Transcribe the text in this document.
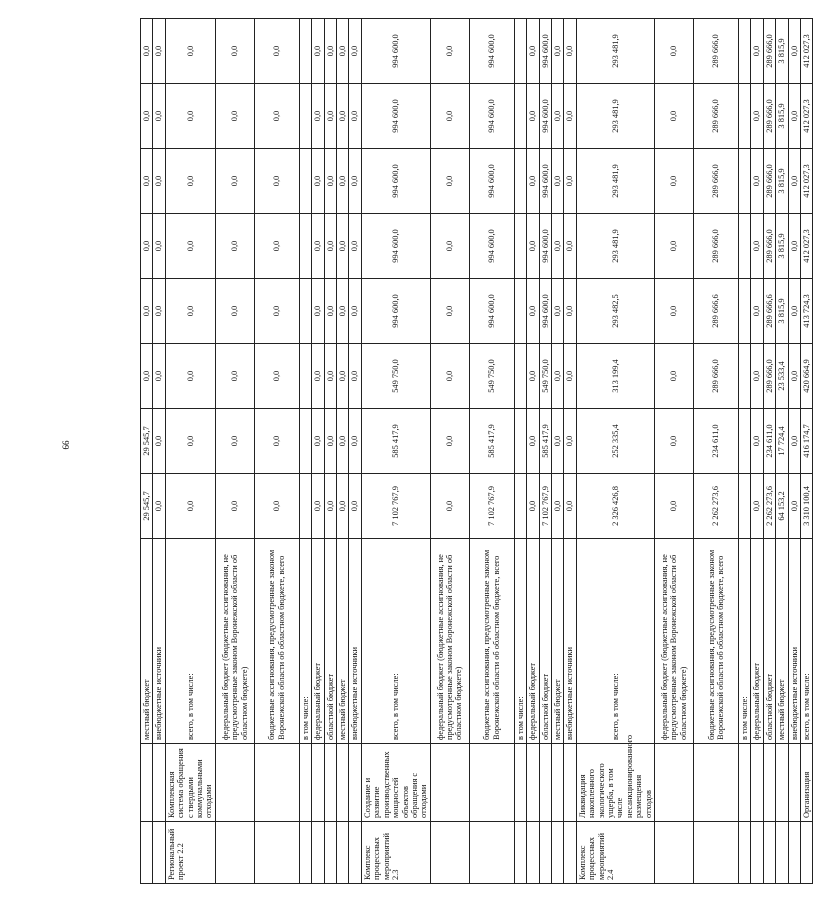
66
		местный бюджет	29 545,7	29 545,7	0,0	0,0	0,0	0,0	0,0	0,0
		внебюджетные источники	0,0	0,0	0,0	0,0	0,0	0,0	0,0	0,0
Региональный проект 2.2	Комплексная система обращения с твердыми коммунальными отходами	всего, в том числе:	0,0	0,0	0,0	0,0	0,0	0,0	0,0	0,0
		федеральный бюджет (бюджетные ассигнования, не предусмотренные законом Воронежской области об областном бюджете)	0,0	0,0	0,0	0,0	0,0	0,0	0,0	0,0
		бюджетные ассигнования, предусмотренные законом Воронежской области об областном бюджете, всего	0,0	0,0	0,0	0,0	0,0	0,0	0,0	0,0
		в том числе:								
		федеральный бюджет	0,0	0,0	0,0	0,0	0,0	0,0	0,0	0,0
		областной бюджет	0,0	0,0	0,0	0,0	0,0	0,0	0,0	0,0
		местный бюджет	0,0	0,0	0,0	0,0	0,0	0,0	0,0	0,0
		внебюджетные источники	0,0	0,0	0,0	0,0	0,0	0,0	0,0	0,0
Комплекс процессных мероприятий 2.3	Создание и развитие производственных мощностей объектов обращения с отходами	всего, в том числе:	7 102 767,9	585 417,9	549 750,0	994 600,0	994 600,0	994 600,0	994 600,0	994 600,0
		федеральный бюджет (бюджетные ассигнования, не предусмотренные законом Воронежской области об областном бюджете)	0,0	0,0	0,0	0,0	0,0	0,0	0,0	0,0
		бюджетные ассигнования, предусмотренные законом Воронежской области об областном бюджете, всего	7 102 767,9	585 417,9	549 750,0	994 600,0	994 600,0	994 600,0	994 600,0	994 600,0
		в том числе:								
		федеральный бюджет	0,0	0,0	0,0	0,0	0,0	0,0	0,0	0,0
		областной бюджет	7 102 767,9	585 417,9	549 750,0	994 600,0	994 600,0	994 600,0	994 600,0	994 600,0
		местный бюджет	0,0	0,0	0,0	0,0	0,0	0,0	0,0	0,0
		внебюджетные источники	0,0	0,0	0,0	0,0	0,0	0,0	0,0	0,0
Комплекс процессных мероприятий 2.4	Ликвидация накопленного экологического ущерба, в том числе несанкционированного размещения отходов	всего, в том числе:	2 326 426,8	252 335,4	313 199,4	293 482,5	293 481,9	293 481,9	293 481,9	293 481,9
		федеральный бюджет (бюджетные ассигнования, не предусмотренные законом Воронежской области об областном бюджете)	0,0	0,0	0,0	0,0	0,0	0,0	0,0	0,0
		бюджетные ассигнования, предусмотренные законом Воронежской области об областном бюджете, всего	2 262 273,6	234 611,0	289 666,0	289 666,6	289 666,0	289 666,0	289 666,0	289 666,0
		в том числе:								
		федеральный бюджет	0,0	0,0	0,0	0,0	0,0	0,0	0,0	0,0
		областной бюджет	2 262 273,6	234 611,0	289 666,0	289 666,6	289 666,0	289 666,0	289 666,0	289 666,0
		местный бюджет	64 153,2	17 724,4	23 533,4	3 815,9	3 815,9	3 815,9	3 815,9	3 815,9
		внебюджетные источники	0,0	0,0	0,0	0,0	0,0	0,0	0,0	0,0
	Организация	всего, в том числе:	3 310 100,4	416 174,7	420 664,9	413 724,3	412 027,3	412 027,3	412 027,3	412 027,3
